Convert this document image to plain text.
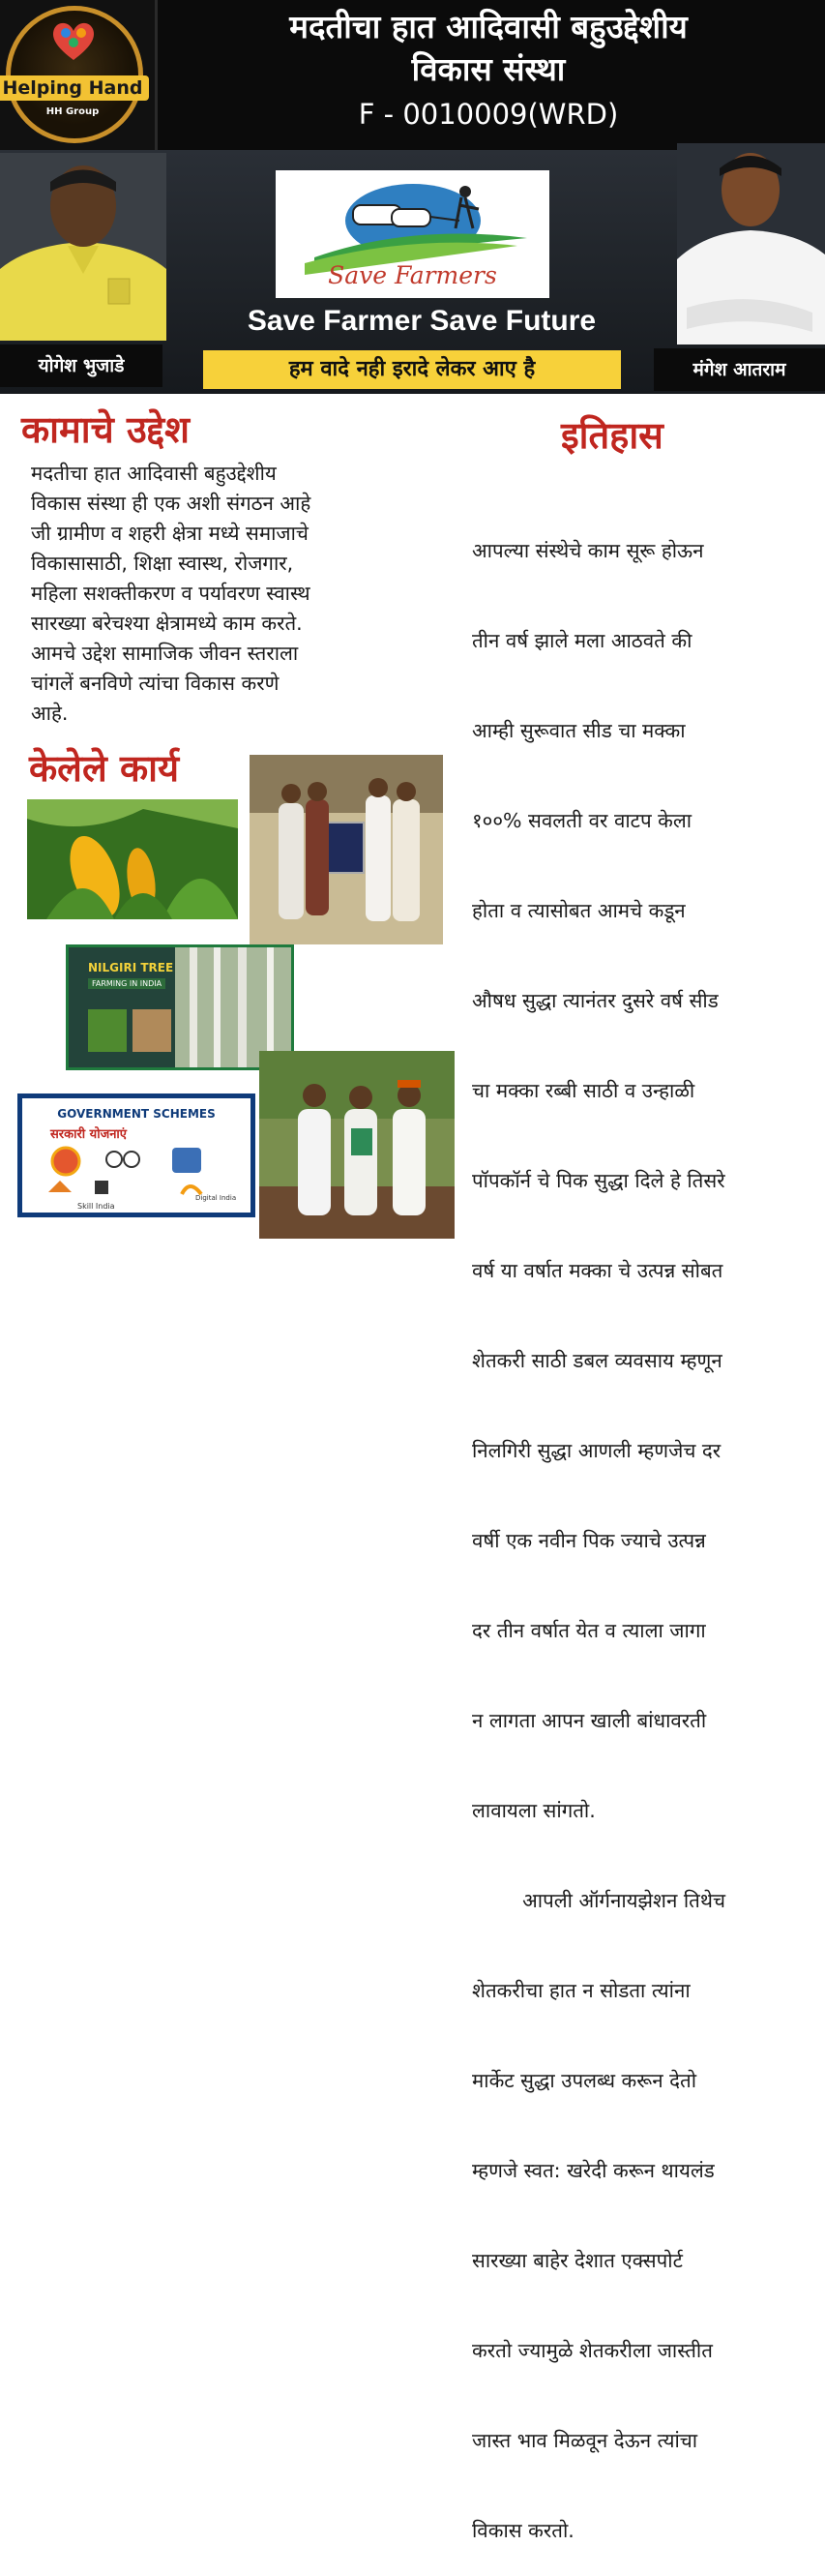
Helping Hand
HH Group
मदतीचा हात आदिवासी बहुउद्देशीय
विकास संस्था
F - 0010009(WRD)
Save Farmers
Save Farmer Save Future
हम वादे नही इरादे लेकर आए है
योगेश भुजाडे	मंगेश आतराम
कामाचे उद्देश
मदतीचा हात आदिवासी बहुउद्देशीय
विकास संस्था ही एक अशी संगठन आहे
जी ग्रामीण व शहरी क्षेत्रा मध्ये समाजाचे
विकासासाठी, शिक्षा स्वास्थ, रोजगार,
महिला सशक्तीकरण व पर्यावरण स्वास्थ
सारख्या बरेचश्या क्षेत्रामध्ये काम करते.
आमचे उद्देश सामाजिक जीवन स्तराला
चांगलें बनविणे त्यांचा विकास करणे
आहे.
इतिहास

आपल्या संस्थेचे काम सूरू होऊन

तीन वर्ष झाले मला आठवते की

आम्ही सुरूवात सीड चा मक्का

१००% सवलती वर वाटप केला

होता व त्यासोबत आमचे कडून

औषध सुद्धा त्यानंतर दुसरे वर्ष सीड

चा मक्का रब्बी साठी व उन्हाळी

पॉपकॉर्न चे पिक सुद्धा दिले हे तिसरे

वर्ष या वर्षात मक्का चे उत्पन्न सोबत

शेतकरी साठी डबल व्यवसाय म्हणून

निलगिरी सुद्धा आणली म्हणजेच दर

वर्षी एक नवीन पिक ज्याचे उत्पन्न

दर तीन वर्षात येत व त्याला जागा

न लागता आपन खाली बांधावरती

लावायला सांगतो.

आपली ऑर्गनायझेशन तिथेच

शेतकरीचा हात न सोडता त्यांना

मार्केट सुद्धा उपलब्ध करून देतो

म्हणजे स्वत: खरेदी करून थायलंड

सारख्या बाहेर देशात एक्सपोर्ट

करतो ज्यामुळे शेतकरीला जास्तीत

जास्त भाव मिळवून देऊन त्यांचा

विकास करतो.

केलेले कार्य
NILGIRI TREE
FARMING IN INDIA
GOVERNMENT SCHEMES
सरकारी योजनाएं
Skill India
Digital India
